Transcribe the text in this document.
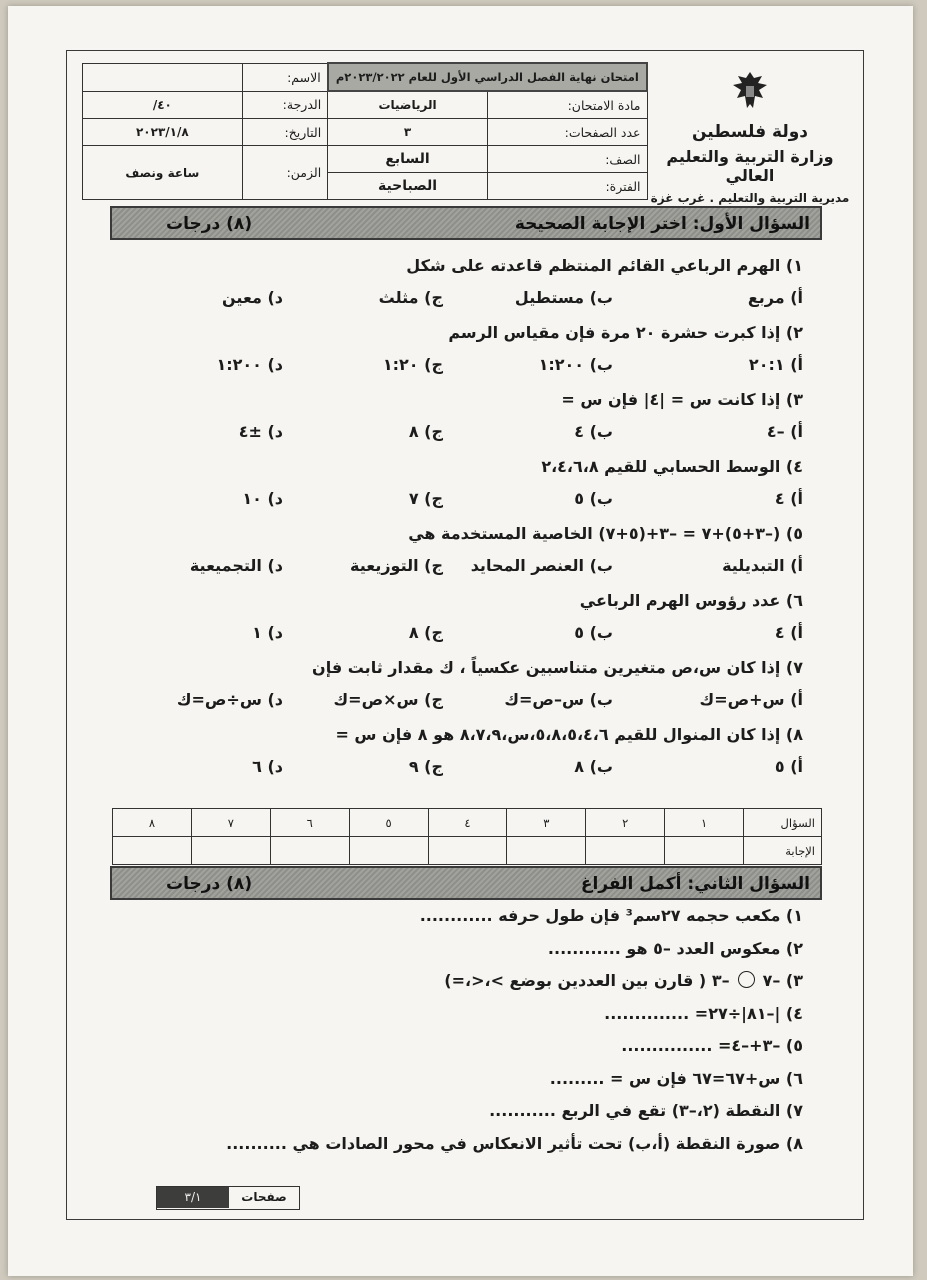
دولة فلسطين
وزارة التربية والتعليم العالي
مديرية التربية والتعليم . غرب غزة
امتحان نهاية الفصل الدراسي الأول للعام ٢٠٢٣/٢٠٢٢م		الاسم:	
مادة الامتحان:	الرياضيات	الدرجة:	٤٠/
عدد الصفحات:	٣	التاريخ:	٢٠٢٣/١/٨
الصف:	السابع	الزمن:	ساعة ونصف
الفترة:	الصباحية		
السؤال الأول: اختر الإجابة الصحيحة
(٨) درجات
١) الهرم الرباعي القائم المنتظم قاعدته على شكل
أ) مربع
ب) مستطيل
ج) مثلث
د) معين
٢) إذا كبرت حشرة ٢٠ مرة فإن مقياس الرسم
أ) ٢٠:١
ب) ١:٢٠٠
ج) ١:٢٠
د) ١:٢٠٠
٣) إذا كانت س = |٤| فإن س =
أ) –٤
ب) ٤
ج) ٨
د) ±٤
٤) الوسط الحسابي للقيم ٢،٤،٦،٨
أ) ٤
ب) ٥
ج) ٧
د) ١٠
٥) (–٣+٥)+٧ = –٣+(٥+٧) الخاصية المستخدمة هي
أ) التبديلية
ب) العنصر المحايد
ج) التوزيعية
د) التجميعية
٦) عدد رؤوس الهرم الرباعي
أ) ٤
ب) ٥
ج) ٨
د) ١
٧) إذا كان س،ص متغيرين متناسبين عكسياً ، ك مقدار ثابت فإن
أ) س+ص=ك
ب) س–ص=ك
ج) س×ص=ك
د) س÷ص=ك
٨) إذا كان المنوال للقيم ٥،٨،٥،٤،٦،س،٨،٧،٩ هو ٨ فإن س =
أ) ٥
ب) ٨
ج) ٩
د) ٦
السؤال	١	٢	٣	٤	٥	٦	٧	٨
الإجابة								
السؤال الثاني: أكمل الفراغ
(٨) درجات
١) مكعب حجمه ٢٧سم³ فإن طول حرفه ............
٢) معكوس العدد –٥ هو ............
٣) –٧–٣ ( قارن بين العددين بوضع >،<،=)
٤) |–٨١|÷٢٧= ..............
٥) –٣+–٤= ...............
٦) س+٦٧=٦٧ فإن س = .........
٧) النقطة (٢،–٣) تقع في الربع ...........
٨) صورة النقطة (أ،ب) تحت تأثير الانعكاس في محور الصادات هي ..........
صفحات
٣/١
